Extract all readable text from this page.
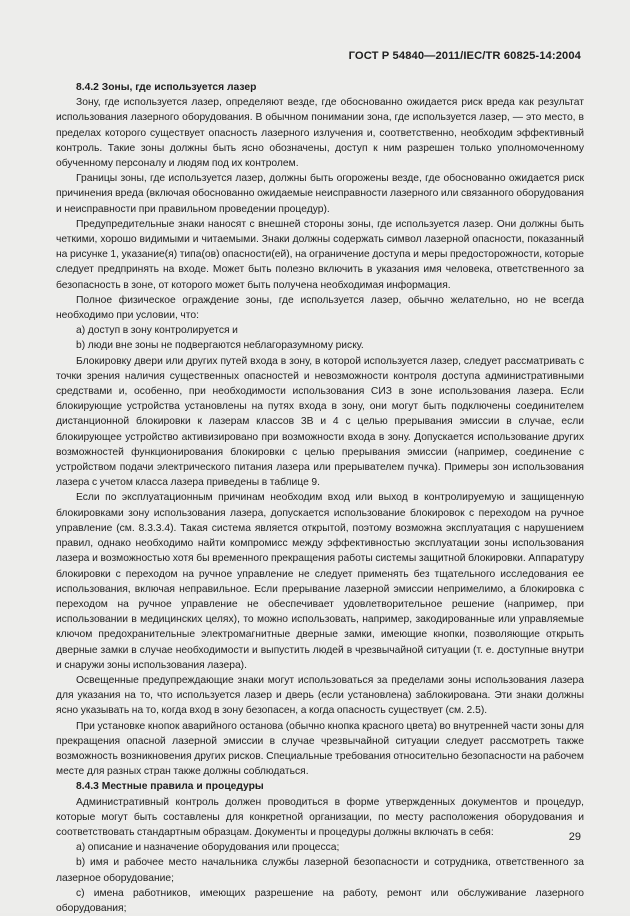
ГОСТ Р 54840—2011/IEC/TR 60825-14:2004

8.4.2 Зоны, где используется лазер

Зону, где используется лазер, определяют везде, где обоснованно ожидается риск вреда как результат использования лазерного оборудования. В обычном понимании зона, где используется лазер, — это место, в пределах которого существует опасность лазерного излучения и, соответственно, необходим эффективный контроль. Такие зоны должны быть ясно обозначены, доступ к ним разрешен только уполномоченному обученному персоналу и людям под их контролем.

Границы зоны, где используется лазер, должны быть огорожены везде, где обоснованно ожидается риск причинения вреда (включая обоснованно ожидаемые неисправности лазерного или связанного оборудования и неисправности при правильном проведении процедур).

Предупредительные знаки наносят с внешней стороны зоны, где используется лазер. Они должны быть четкими, хорошо видимыми и читаемыми. Знаки должны содержать символ лазерной опасности, показанный на рисунке 1, указание(я) типа(ов) опасности(ей), на ограничение доступа и меры предосторожности, которые следует предпринять на входе. Может быть полезно включить в указания имя человека, ответственного за безопасность в зоне, от которого может быть получена необходимая информация.

Полное физическое ограждение зоны, где используется лазер, обычно желательно, но не всегда необходимо при условии, что:

а) доступ в зону контролируется и

b) люди вне зоны не подвергаются неблагоразумному риску.

Блокировку двери или других путей входа в зону, в которой используется лазер, следует рассматривать с точки зрения наличия существенных опасностей и невозможности контроля доступа административными средствами и, особенно, при необходимости использования СИЗ в зоне использования лазера. Если блокирующие устройства установлены на путях входа в зону, они могут быть подключены соединителем дистанционной блокировки к лазерам классов 3В и 4 с целью прерывания эмиссии в случае, если блокирующее устройство активизировано при возможности входа в зону. Допускается использование других возможностей функционирования блокировки с целью прерывания эмиссии (например, соединение с устройством подачи электрического питания лазера или прерывателем пучка). Примеры зон использования лазера с учетом класса лазера приведены в таблице 9.

Если по эксплуатационным причинам необходим вход или выход в контролируемую и защищенную блокировками зону использования лазера, допускается использование блокировок с переходом на ручное управление (см. 8.3.3.4). Такая система является открытой, поэтому возможна эксплуатация с нарушением правил, однако необходимо найти компромисс между эффективностью эксплуатации зоны использования лазера и возможностью хотя бы временного прекращения работы системы защитной блокировки. Аппаратуру блокировки с переходом на ручное управление не следует применять без тщательного исследования ее использования, включая неправильное. Если прерывание лазерной эмиссии непримелимо, а блокировка с переходом на ручное управление не обеспечивает удовлетворительное решение (например, при использовании в медицинских целях), то можно использовать, например, закодированные или управляемые ключом предохранительные электромагнитные дверные замки, имеющие кнопки, позволяющие открыть дверные замки в случае необходимости и выпустить людей в чрезвычайной ситуации (т. е. доступные внутри и снаружи зоны использования лазера).

Освещенные предупреждающие знаки могут использоваться за пределами зоны использования лазера для указания на то, что используется лазер и дверь (если установлена) заблокирована. Эти знаки должны ясно указывать на то, когда вход в зону безопасен, а когда опасность существует (см. 2.5).

При установке кнопок аварийного останова (обычно кнопка красного цвета) во внутренней части зоны для прекращения опасной лазерной эмиссии в случае чрезвычайной ситуации следует рассмотреть также возможность возникновения других рисков. Специальные требования относительно безопасности на рабочем месте для разных стран также должны соблюдаться.

8.4.3 Местные правила и процедуры

Административный контроль должен проводиться в форме утвержденных документов и процедур, которые могут быть составлены для конкретной организации, по месту расположения оборудования и соответствовать стандартным образцам. Документы и процедуры должны включать в себя:

а) описание и назначение оборудования или процесса;

b) имя и рабочее место начальника службы лазерной безопасности и сотрудника, ответственного за лазерное оборудование;

c) имена работников, имеющих разрешение на работу, ремонт или обслуживание лазерного оборудования;

29
